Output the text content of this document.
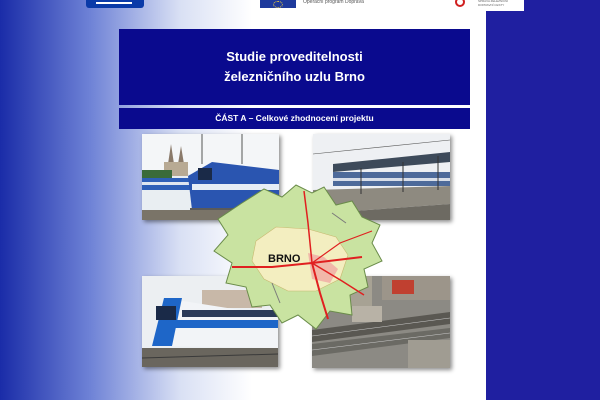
Operační program Doprava	SPRÁVA ŽELEZNIČNÍ DOPRAVNÍ CESTY
Studie proveditelnosti
železničního uzlu Brno
ČÁST A – Celkové zhodnocení projektu
BRNO
